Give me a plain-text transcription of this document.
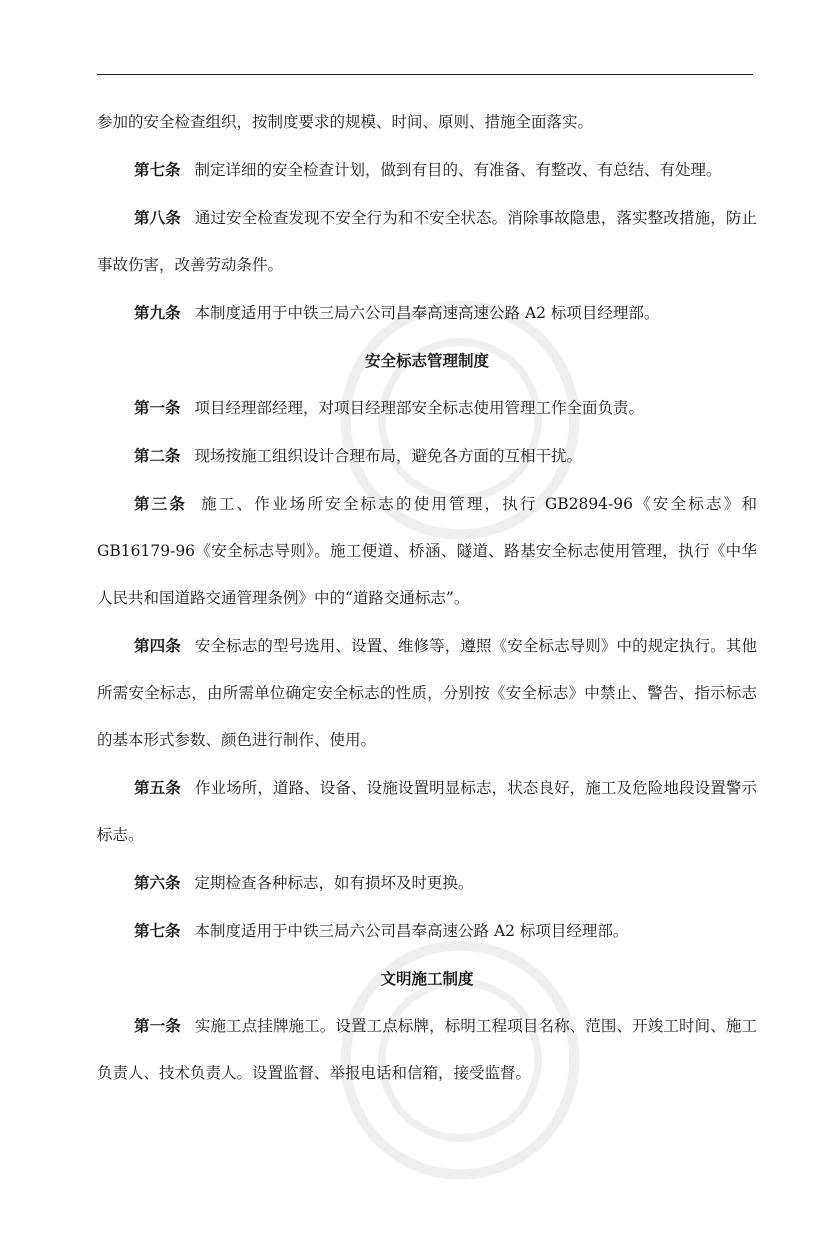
参加的安全检查组织，按制度要求的规模、时间、原则、措施全面落实。

第七条 制定详细的安全检查计划，做到有目的、有准备、有整改、有总结、有处理。

第八条 通过安全检查发现不安全行为和不安全状态。消除事故隐患，落实整改措施，防止事故伤害，改善劳动条件。

第九条 本制度适用于中铁三局六公司昌奉高速高速公路 A2 标项目经理部。

安全标志管理制度

第一条 项目经理部经理，对项目经理部安全标志使用管理工作全面负责。

第二条 现场按施工组织设计合理布局，避免各方面的互相干扰。

第三条 施工、作业场所安全标志的使用管理，执行 GB2894-96《安全标志》和 GB16179-96《安全标志导则》。施工便道、桥涵、隧道、路基安全标志使用管理，执行《中华人民共和国道路交通管理条例》中的“道路交通标志”。

第四条 安全标志的型号选用、设置、维修等，遵照《安全标志导则》中的规定执行。其他所需安全标志，由所需单位确定安全标志的性质，分别按《安全标志》中禁止、警告、指示标志的基本形式参数、颜色进行制作、使用。

第五条 作业场所，道路、设备、设施设置明显标志，状态良好，施工及危险地段设置警示标志。

第六条 定期检查各种标志，如有损坏及时更换。

第七条 本制度适用于中铁三局六公司昌奉高速公路 A2 标项目经理部。

文明施工制度

第一条 实施工点挂牌施工。设置工点标牌，标明工程项目名称、范围、开竣工时间、施工负责人、技术负责人。设置监督、举报电话和信箱，接受监督。
